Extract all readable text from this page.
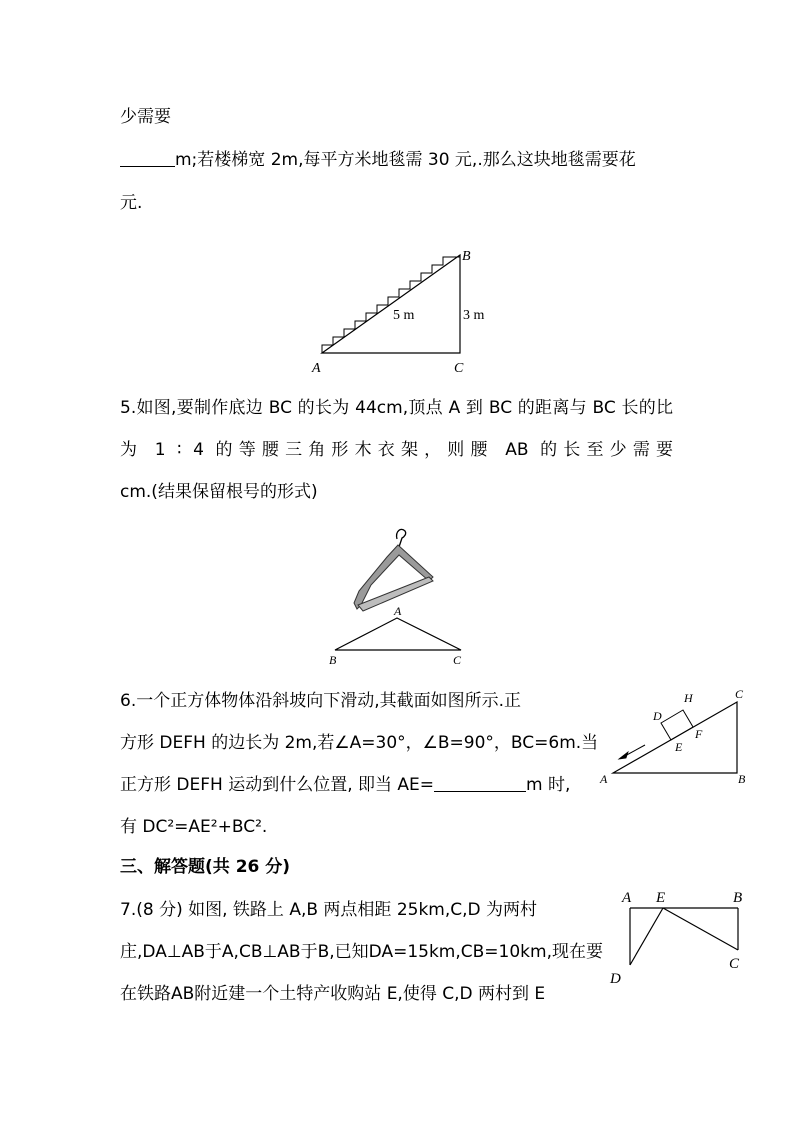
少需要
m;若楼梯宽 2m,每平方米地毯需 30 元,.那么这块地毯需要花
元.
B
5 m	3 m
A	C
5.如图,要制作底边 BC 的长为 44cm,顶点 A 到 BC 的距离与 BC 长的比
为 1 ∶ 4 的等腰三角形木衣架，则腰 AB 的长至少需要
cm.(结果保留根号的形式)
A
B	C
6.一个正方体物体沿斜坡向下滑动,其截面如图所示.正
方形 DEFH 的边长为 2m,若∠A=30°，∠B=90°，BC=6m.当
正方形 DEFH 运动到什么位置, 即当 AE=	m 时,
有 DC²=AE²+BC².
C
H
D
F
E
A	B
三、解答题(共 26 分)
7.(8 分) 如图, 铁路上 A,B 两点相距 25km,C,D 为两村
庄,DA⊥AB于A,CB⊥AB于B,已知DA=15km,CB=10km,现在要
在铁路AB附近建一个土特产收购站 E,使得 C,D 两村到 E
A E	B
C
D
